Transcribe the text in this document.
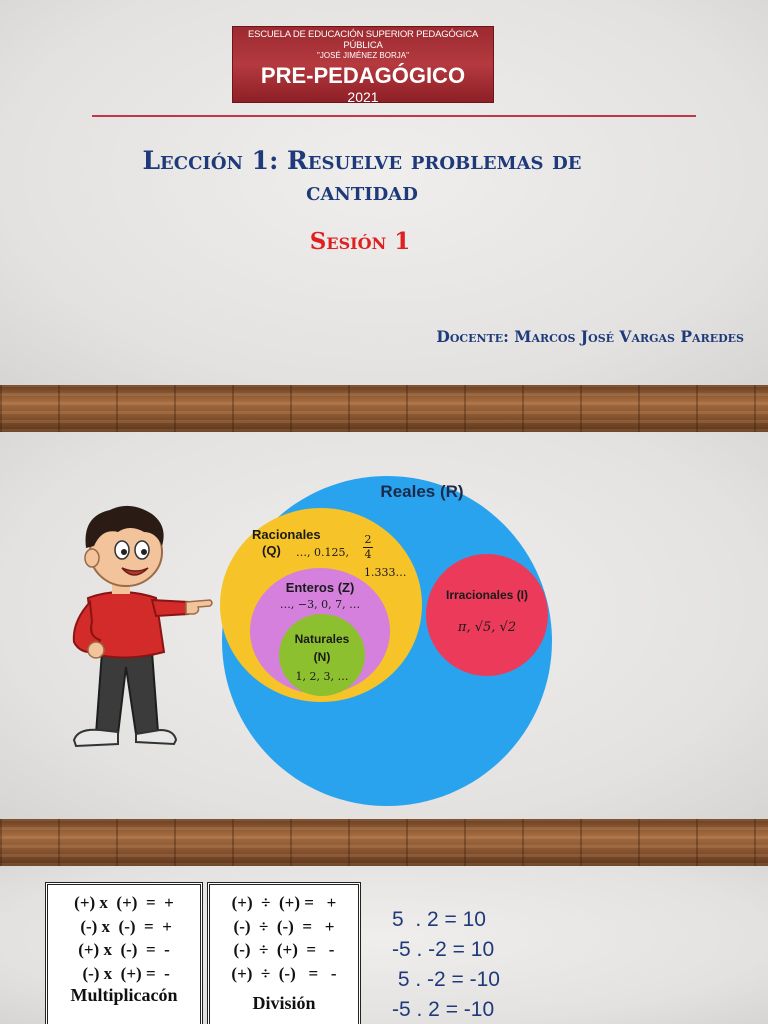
ESCUELA DE EDUCACIÓN SUPERIOR PEDAGÓGICA PÚBLICA
"JOSÉ JIMÉNEZ BORJA"
PRE-PEDAGÓGICO
2021
Lección 1: Resuelve problemas de cantidad
Sesión 1
Docente: Marcos José Vargas Paredes
Reales (R)
Racionales
(Q)	…, 0.125,
2
4
1.333…
Enteros (Z)
…, −3, 0, 7, …
Naturales
(N)
1, 2, 3, …
Irracionales (I)
π, √5, √2
(+) x  (+)  =  +
(-) x  (-)  =  +
(+) x  (-)  =  -
(-) x  (+) =  -
Multiplicacón
(+)  ÷  (+) =   +
(-)  ÷  (-)  =   +
(-)  ÷  (+)  =   -
(+)  ÷  (-)   =   -
División
5  . 2 = 10
-5 . -2 = 10
5 . -2 = -10
-5 . 2 = -10
